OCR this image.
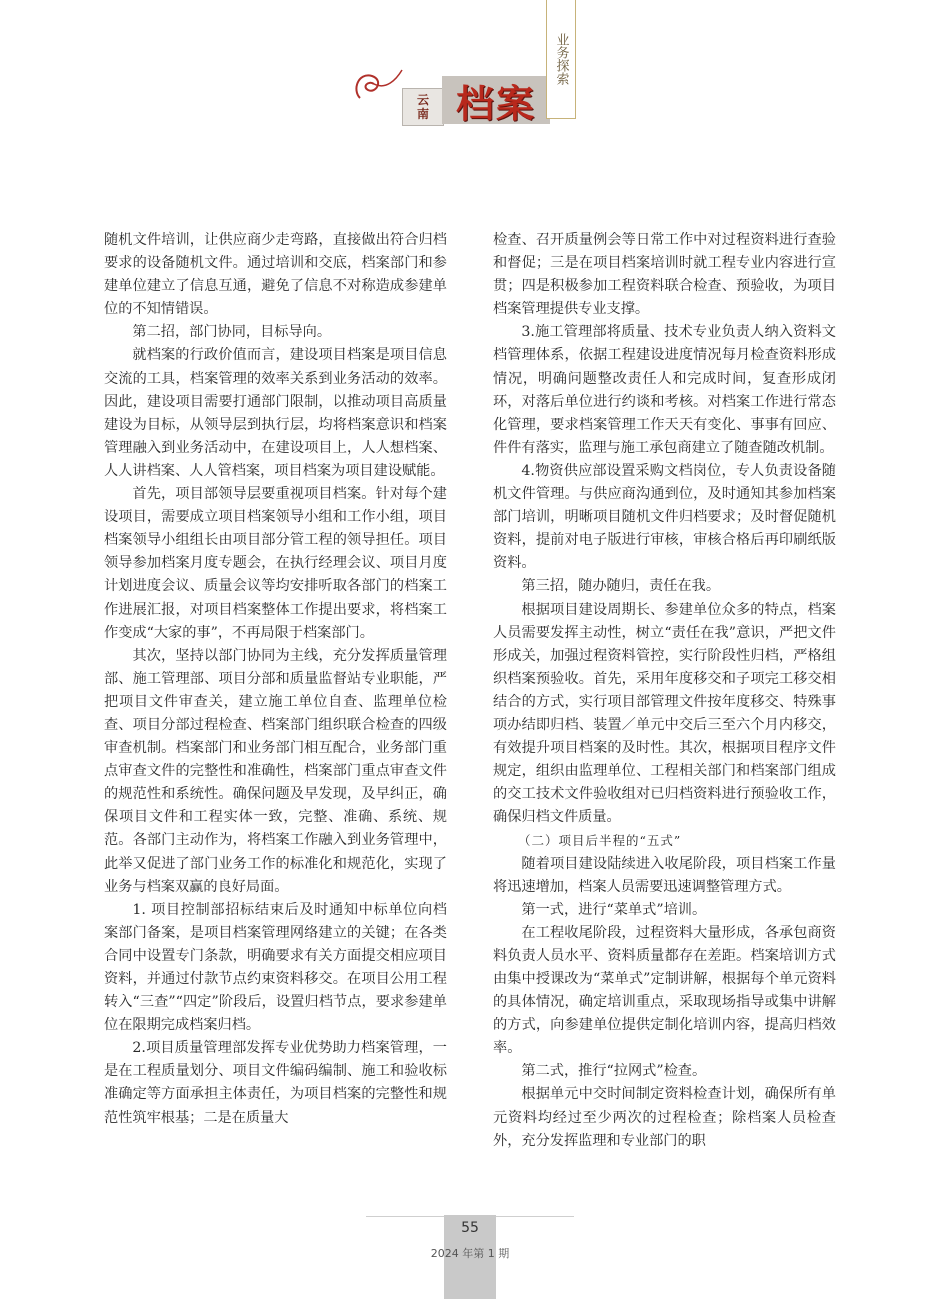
云
南 档案
业务探索

随机文件培训，让供应商少走弯路，直接做出符合归档要求的设备随机文件。通过培训和交底，档案部门和参建单位建立了信息互通，避免了信息不对称造成参建单位的不知情错误。

第二招，部门协同，目标导向。

就档案的行政价值而言，建设项目档案是项目信息交流的工具，档案管理的效率关系到业务活动的效率。因此，建设项目需要打通部门限制，以推动项目高质量建设为目标，从领导层到执行层，均将档案意识和档案管理融入到业务活动中，在建设项目上，人人想档案、人人讲档案、人人管档案，项目档案为项目建设赋能。

首先，项目部领导层要重视项目档案。针对每个建设项目，需要成立项目档案领导小组和工作小组，项目档案领导小组组长由项目部分管工程的领导担任。项目领导参加档案月度专题会，在执行经理会议、项目月度计划进度会议、质量会议等均安排听取各部门的档案工作进展汇报，对项目档案整体工作提出要求，将档案工作变成“大家的事”，不再局限于档案部门。

其次，坚持以部门协同为主线，充分发挥质量管理部、施工管理部、项目分部和质量监督站专业职能，严把项目文件审查关，建立施工单位自查、监理单位检查、项目分部过程检查、档案部门组织联合检查的四级审查机制。档案部门和业务部门相互配合，业务部门重点审查文件的完整性和准确性，档案部门重点审查文件的规范性和系统性。确保问题及早发现，及早纠正，确保项目文件和工程实体一致，完整、准确、系统、规范。各部门主动作为，将档案工作融入到业务管理中，此举又促进了部门业务工作的标准化和规范化，实现了业务与档案双赢的良好局面。

1. 项目控制部招标结束后及时通知中标单位向档案部门备案，是项目档案管理网络建立的关键；在各类合同中设置专门条款，明确要求有关方面提交相应项目资料，并通过付款节点约束资料移交。在项目公用工程转入“三查”“四定”阶段后，设置归档节点，要求参建单位在限期完成档案归档。

2.项目质量管理部发挥专业优势助力档案管理，一是在工程质量划分、项目文件编码编制、施工和验收标准确定等方面承担主体责任，为项目档案的完整性和规范性筑牢根基；二是在质量大

检查、召开质量例会等日常工作中对过程资料进行查验和督促；三是在项目档案培训时就工程专业内容进行宣贯；四是积极参加工程资料联合检查、预验收，为项目档案管理提供专业支撑。

3.施工管理部将质量、技术专业负责人纳入资料文档管理体系，依据工程建设进度情况每月检查资料形成情况，明确问题整改责任人和完成时间，复查形成闭环，对落后单位进行约谈和考核。对档案工作进行常态化管理，要求档案管理工作天天有变化、事事有回应、件件有落实，监理与施工承包商建立了随查随改机制。

4.物资供应部设置采购文档岗位，专人负责设备随机文件管理。与供应商沟通到位，及时通知其参加档案部门培训，明晰项目随机文件归档要求；及时督促随机资料，提前对电子版进行审核，审核合格后再印刷纸版资料。

第三招，随办随归，责任在我。

根据项目建设周期长、参建单位众多的特点，档案人员需要发挥主动性，树立“责任在我”意识，严把文件形成关，加强过程资料管控，实行阶段性归档，严格组织档案预验收。首先，采用年度移交和子项完工移交相结合的方式，实行项目部管理文件按年度移交、特殊事项办结即归档、装置／单元中交后三至六个月内移交，有效提升项目档案的及时性。其次，根据项目程序文件规定，组织由监理单位、工程相关部门和档案部门组成的交工技术文件验收组对已归档资料进行预验收工作，确保归档文件质量。

（二）项目后半程的“五式”

随着项目建设陆续进入收尾阶段，项目档案工作量将迅速增加，档案人员需要迅速调整管理方式。

第一式，进行“菜单式”培训。

在工程收尾阶段，过程资料大量形成，各承包商资料负责人员水平、资料质量都存在差距。档案培训方式由集中授课改为“菜单式”定制讲解，根据每个单元资料的具体情况，确定培训重点，采取现场指导或集中讲解的方式，向参建单位提供定制化培训内容，提高归档效率。

第二式，推行“拉网式”检查。

根据单元中交时间制定资料检查计划，确保所有单元资料均经过至少两次的过程检查；除档案人员检查外，充分发挥监理和专业部门的职

55
2024 年第 1 期
